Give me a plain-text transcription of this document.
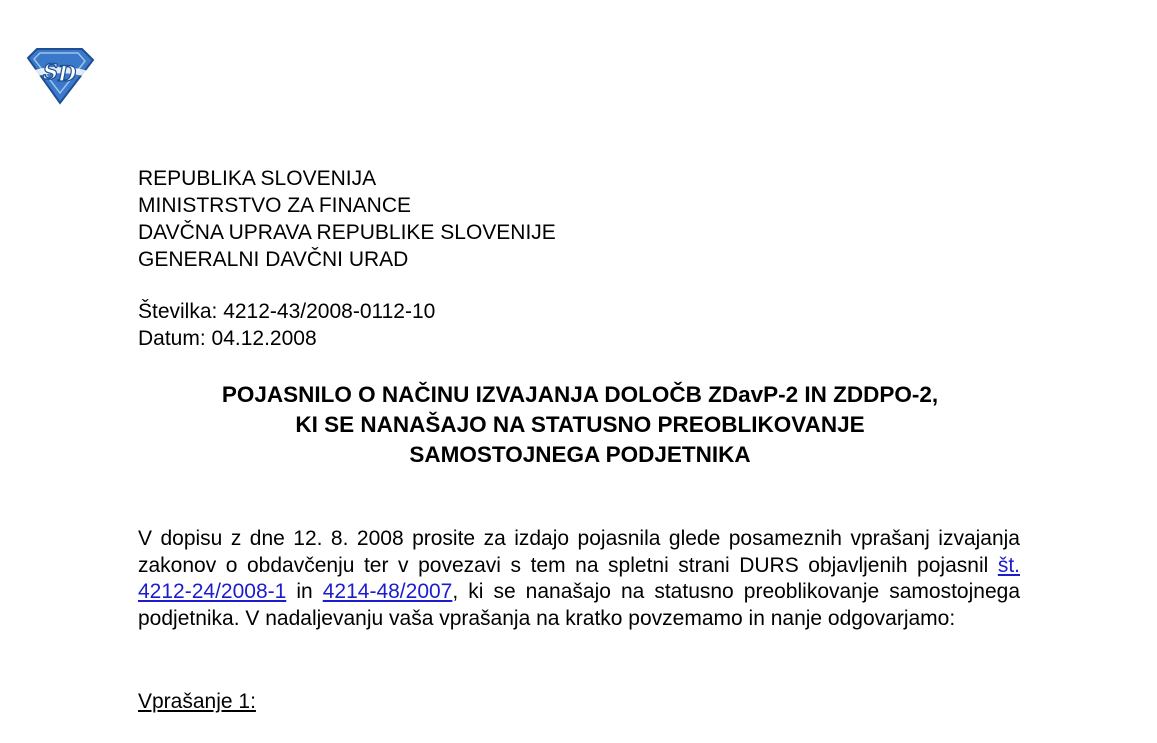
S D
REPUBLIKA SLOVENIJA
MINISTRSTVO ZA FINANCE
DAVČNA UPRAVA REPUBLIKE SLOVENIJE
GENERALNI DAVČNI URAD
Številka: 4212-43/2008-0112-10
Datum: 04.12.2008
POJASNILO O NAČINU IZVAJANJA DOLOČB ZDavP-2 IN ZDDPO-2,
KI SE NANAŠAJO NA STATUSNO PREOBLIKOVANJE
SAMOSTOJNEGA PODJETNIKA
V dopisu z dne 12. 8. 2008 prosite za izdajo pojasnila glede posameznih vprašanj izvajanja zakonov o obdavčenju ter v povezavi s tem na spletni strani DURS objavljenih pojasnil št. 4212-24/2008-1 in 4214-48/2007, ki se nanašajo na statusno preoblikovanje samostojnega podjetnika. V nadaljevanju vaša vprašanja na kratko povzemamo in nanje odgovarjamo:
Vprašanje 1:
